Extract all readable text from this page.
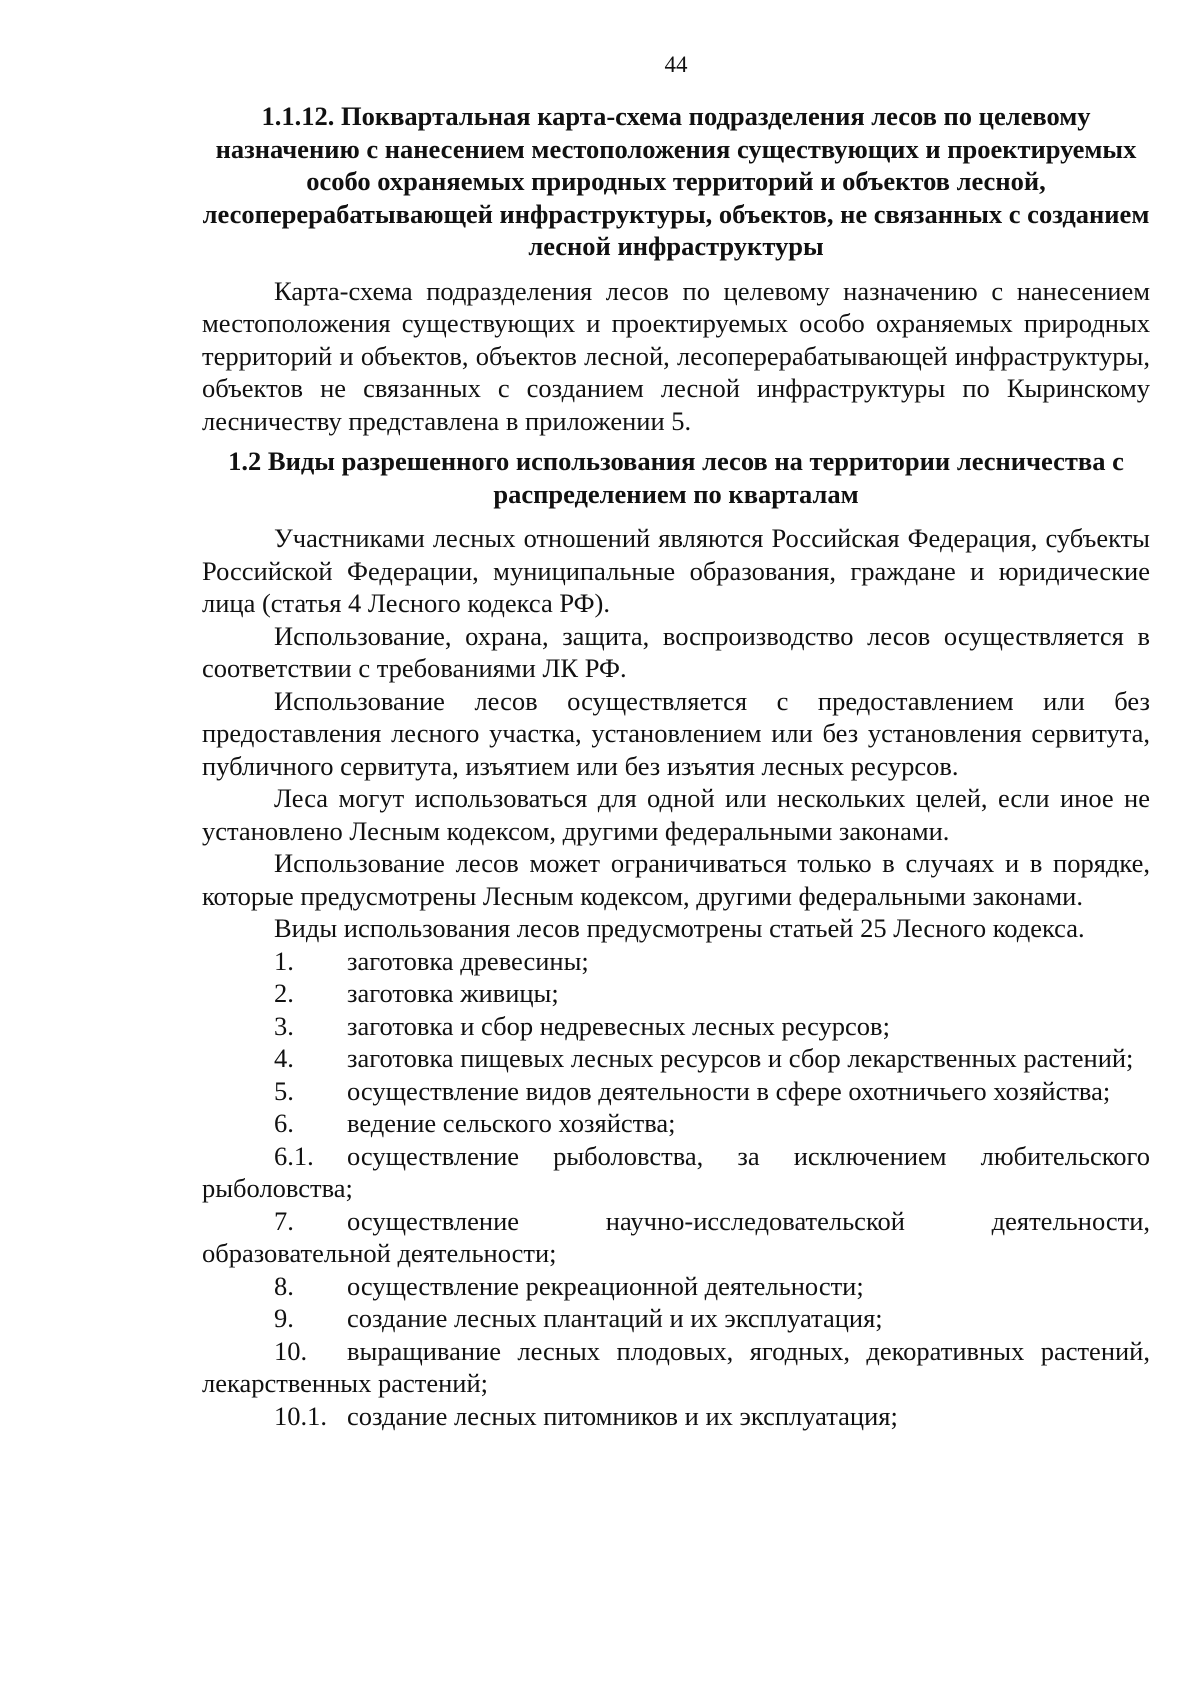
44
1.1.12. Поквартальная карта-схема подразделения лесов по целевому назначению с нанесением местоположения существующих и проектируемых особо охраняемых природных территорий и объектов лесной, лесоперерабатывающей инфраструктуры, объектов, не связанных с созданием лесной инфраструктуры

Карта-схема подразделения лесов по целевому назначению с нанесением местоположения существующих и проектируемых особо охраняемых природных территорий и объектов, объектов лесной, лесоперерабатывающей инфраструктуры, объектов не связанных с созданием лесной инфраструктуры по Кыринскому лесничеству представлена в приложении 5.

1.2 Виды разрешенного использования лесов на территории лесничества с распределением по кварталам

Участниками лесных отношений являются Российская Федерация, субъекты Российской Федерации, муниципальные образования, граждане и юридические лица (статья 4 Лесного кодекса РФ).

Использование, охрана, защита, воспроизводство лесов осуществляется в соответствии с требованиями ЛК РФ.

Использование лесов осуществляется с предоставлением или без предоставления лесного участка, установлением или без установления сервитута, публичного сервитута, изъятием или без изъятия лесных ресурсов.

Леса могут использоваться для одной или нескольких целей, если иное не установлено Лесным кодексом, другими федеральными законами.

Использование лесов может ограничиваться только в случаях и в порядке, которые предусмотрены Лесным кодексом, другими федеральными законами.

Виды использования лесов предусмотрены статьей 25 Лесного кодекса.

1. заготовка древесины;
2. заготовка живицы;
3. заготовка и сбор недревесных лесных ресурсов;
4. заготовка пищевых лесных ресурсов и сбор лекарственных растений;
5. осуществление видов деятельности в сфере охотничьего хозяйства;
6. ведение сельского хозяйства;
6.1. осуществление рыболовства, за исключением любительского рыболовства;
7. осуществление научно-исследовательской деятельности, образовательной деятельности;
8. осуществление рекреационной деятельности;
9. создание лесных плантаций и их эксплуатация;
10. выращивание лесных плодовых, ягодных, декоративных растений, лекарственных растений;
10.1. создание лесных питомников и их эксплуатация;
